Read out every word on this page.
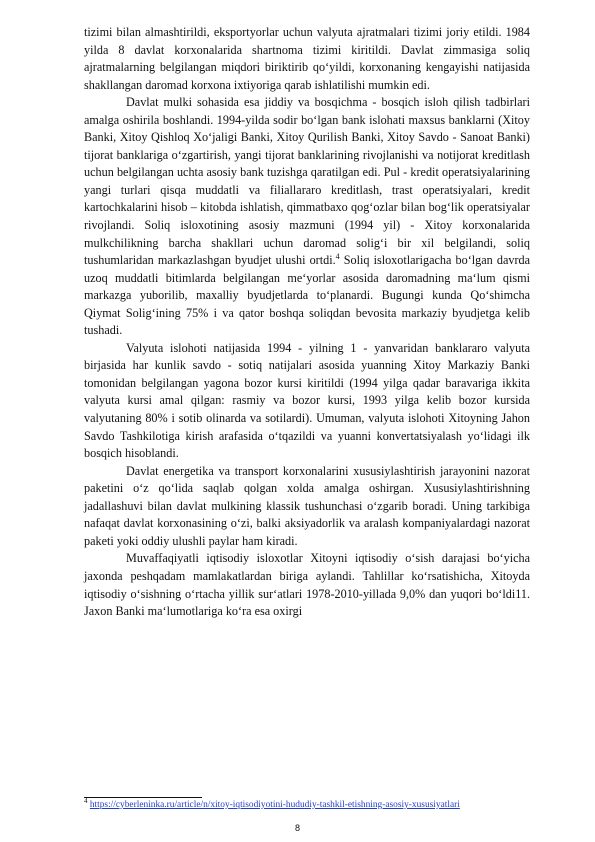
tizimi bilan almashtirildi, eksportyorlar uchun valyuta ajratmalari tizimi joriy etildi. 1984 yilda 8 davlat korxonalarida shartnoma tizimi kiritildi. Davlat zimmasiga soliq ajratmalarning belgilangan miqdori biriktirib qo‘yildi, korxonaning kengayishi natijasida shakllangan daromad korxona ixtiyoriga qarab ishlatilishi mumkin edi.

Davlat mulki sohasida esa jiddiy va bosqichma - bosqich isloh qilish tadbirlari amalga oshirila boshlandi. 1994-yilda sodir bo‘lgan bank islohati maxsus banklarni (Xitoy Banki, Xitoy Qishloq Xo‘jaligi Banki, Xitoy Qurilish Banki, Xitoy Savdo - Sanoat Banki) tijorat banklariga o‘zgartirish, yangi tijorat banklarining rivojlanishi va notijorat kreditlash uchun belgilangan uchta asosiy bank tuzishga qaratilgan edi. Pul - kredit operatsiyalarining yangi turlari qisqa muddatli va filiallararo kreditlash, trast operatsiyalari, kredit kartochkalarini hisob – kitobda ishlatish, qimmatbaxo qog‘ozlar bilan bog‘lik operatsiyalar rivojlandi. Soliq isloxotining asosiy mazmuni (1994 yil) - Xitoy korxonalarida mulkchilikning barcha shakllari uchun daromad solig‘i bir xil belgilandi, soliq tushumlaridan markazlashgan byudjet ulushi ortdi.$^4$ Soliq isloxotlarigacha bo‘lgan davrda uzoq muddatli bitimlarda belgilangan me‘yorlar asosida daromadning ma‘lum qismi markazga yuborilib, maxalliy byudjetlarda to‘planardi. Bugungi kunda Qo‘shimcha Qiymat Solig‘ining 75% i va qator boshqa soliqdan bevosita markaziy byudjetga kelib tushadi.

Valyuta islohoti natijasida 1994 - yilning 1 - yanvaridan banklararo valyuta birjasida har kunlik savdo - sotiq natijalari asosida yuanning Xitoy Markaziy Banki tomonidan belgilangan yagona bozor kursi kiritildi (1994 yilga qadar baravariga ikkita valyuta kursi amal qilgan: rasmiy va bozor kursi, 1993 yilga kelib bozor kursida valyutaning 80% i sotib olinarda va sotilardi). Umuman, valyuta islohoti Xitoyning Jahon Savdo Tashkilotiga kirish arafasida o‘tqazildi va yuanni konvertatsiyalash yo‘lidagi ilk bosqich hisoblandi.

Davlat energetika va transport korxonalarini xususiylashtirish jarayonini nazorat paketini o‘z qo‘lida saqlab qolgan xolda amalga oshirgan. Xususiylashtirishning jadallashuvi bilan davlat mulkining klassik tushunchasi o‘zgarib boradi. Uning tarkibiga nafaqat davlat korxonasining o‘zi, balki aksiyadorlik va aralash kompaniyalardagi nazorat paketi yoki oddiy ulushli paylar ham kiradi.

Muvaffaqiyatli iqtisodiy isloxotlar Xitoyni iqtisodiy o‘sish darajasi bo‘yicha jaxonda peshqadam mamlakatlardan biriga aylandi. Tahlillar ko‘rsatishicha, Xitoyda iqtisodiy o‘sishning o‘rtacha yillik sur‘atlari 1978-2010-yillada 9,0% dan yuqori bo‘ldi11. Jaxon Banki ma‘lumotlariga ko‘ra esa oxirgi

$^4$ https://cyberleninka.ru/article/n/xitoy-iqtisodiyotini-hududiy-tashkil-etishning-asosiy-xususiyatlari
8
